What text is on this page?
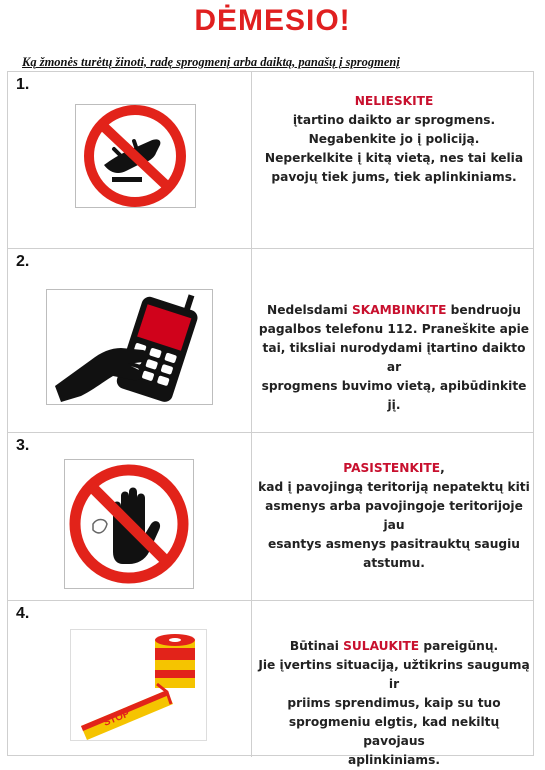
DĖMESIO!
Ką žmonės turėtų žinoti, radę sprogmenį arba daiktą, panašų į sprogmenį
1.
NELIESKITE
įtartino daikto ar sprogmens.
Negabenkite jo į policiją.
Neperkelkite į kitą vietą, nes tai kelia
pavojų tiek jums, tiek aplinkiniams.
2.
Nedelsdami SKAMBINKITE bendruoju
pagalbos telefonu 112. Praneškite apie
tai, tiksliai nurodydami įtartino daikto ar
sprogmens buvimo vietą, apibūdinkite jį.
3.
PASISTENKITE,
kad į pavojingą teritoriją nepatektų kiti
asmenys arba pavojingoje teritorijoje jau
esantys asmenys pasitrauktų saugiu
atstumu.
4.
STOP
Būtinai SULAUKITE pareigūnų.
Jie įvertins situaciją, užtikrins saugumą ir
priims sprendimus, kaip su tuo
sprogmeniu elgtis, kad nekiltų pavojaus
aplinkiniams.
